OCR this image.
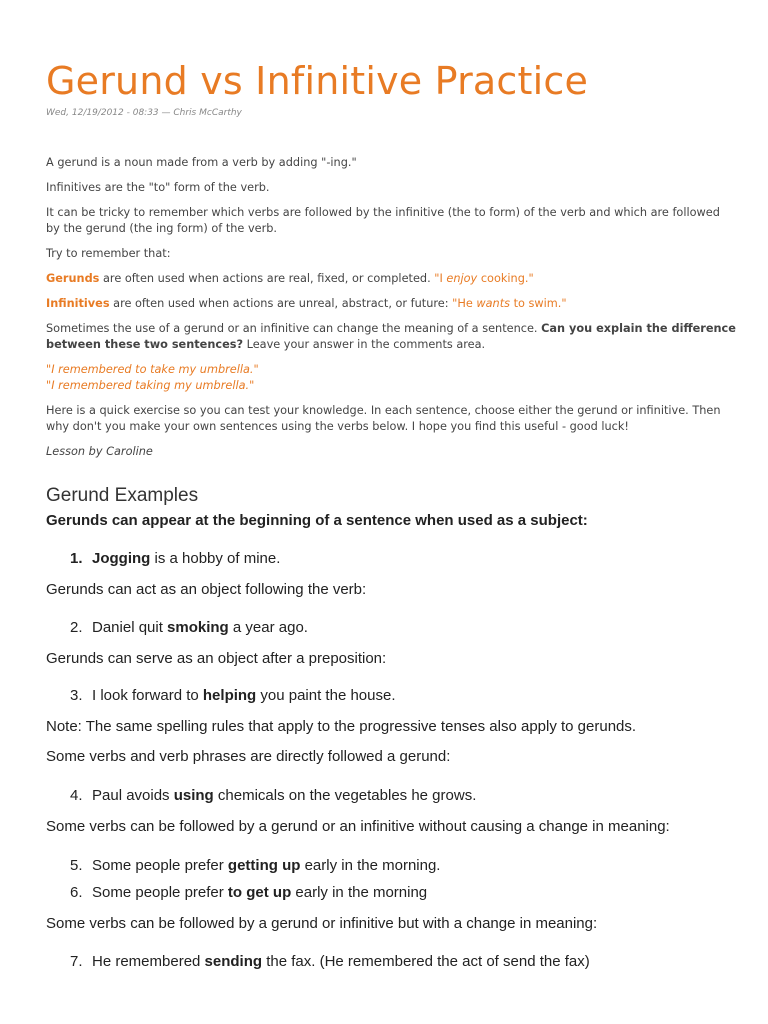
Gerund vs Infinitive Practice
Wed, 12/19/2012 - 08:33 — Chris McCarthy

A gerund is a noun made from a verb by adding "-ing."

Infinitives are the "to" form of the verb.

It can be tricky to remember which verbs are followed by the infinitive (the to form) of the verb and which are followed by the gerund (the ing form) of the verb.

Try to remember that:

Gerunds are often used when actions are real, fixed, or completed. "I enjoy cooking."

Infinitives are often used when actions are unreal, abstract, or future: "He wants to swim."

Sometimes the use of a gerund or an infinitive can change the meaning of a sentence. Can you explain the difference between these two sentences? Leave your answer in the comments area.

"I remembered to take my umbrella."

"I remembered taking my umbrella."

Here is a quick exercise so you can test your knowledge. In each sentence, choose either the gerund or infinitive. Then why don't you make your own sentences using the verbs below. I hope you find this useful - good luck!

Lesson by Caroline

Gerund Examples

Gerunds can appear at the beginning of a sentence when used as a subject:

1. Jogging is a hobby of mine.

Gerunds can act as an object following the verb:

2. Daniel quit smoking a year ago.

Gerunds can serve as an object after a preposition:

3. I look forward to helping you paint the house.

Note: The same spelling rules that apply to the progressive tenses also apply to gerunds.

Some verbs and verb phrases are directly followed a gerund:

4. Paul avoids using chemicals on the vegetables he grows.

Some verbs can be followed by a gerund or an infinitive without causing a change in meaning:

5. Some people prefer getting up early in the morning.
6. Some people prefer to get up early in the morning

Some verbs can be followed by a gerund or infinitive but with a change in meaning:

7. He remembered sending the fax. (He remembered the act of send the fax)
